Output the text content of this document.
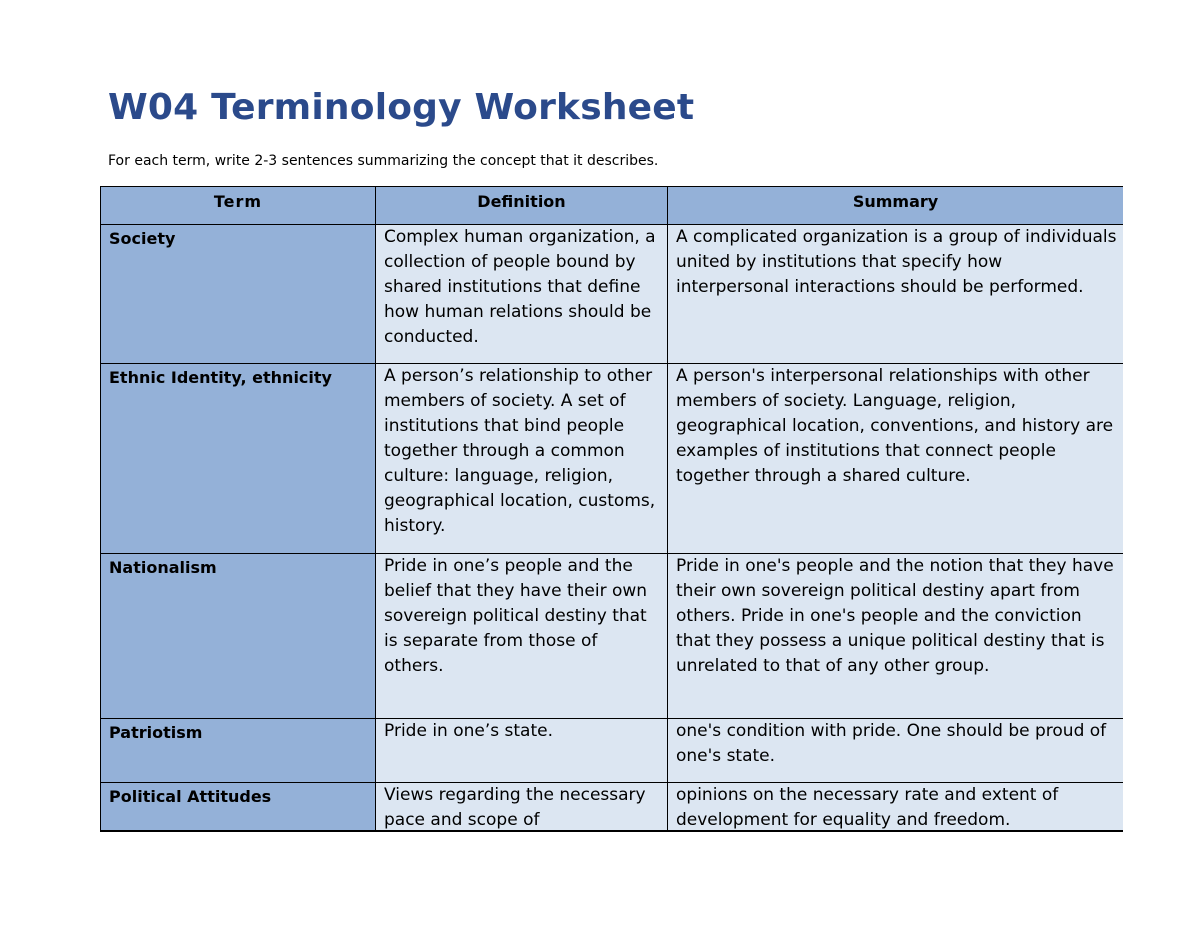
W04 Terminology Worksheet

For each term, write 2-3 sentences summarizing the concept that it describes.

Term	Definition	Summary
Society	Complex human organization, a collection of people bound by shared institutions that define how human relations should be conducted.	A complicated organization is a group of individuals united by institutions that specify how interpersonal interactions should be performed.
Ethnic Identity, ethnicity	A person’s relationship to other members of society. A set of institutions that bind people together through a common culture: language, religion, geographical location, customs, history.	A person's interpersonal relationships with other members of society. Language, religion, geographical location, conventions, and history are examples of institutions that connect people together through a shared culture.
Nationalism	Pride in one’s people and the belief that they have their own sovereign political destiny that is separate from those of others.	Pride in one's people and the notion that they have their own sovereign political destiny apart from others. Pride in one's people and the conviction that they possess a unique political destiny that is unrelated to that of any other group.
Patriotism	Pride in one’s state.	one's condition with pride. One should be proud of one's state.
Political Attitudes	Views regarding the necessary pace and scope of	opinions on the necessary rate and extent of development for equality and freedom.
